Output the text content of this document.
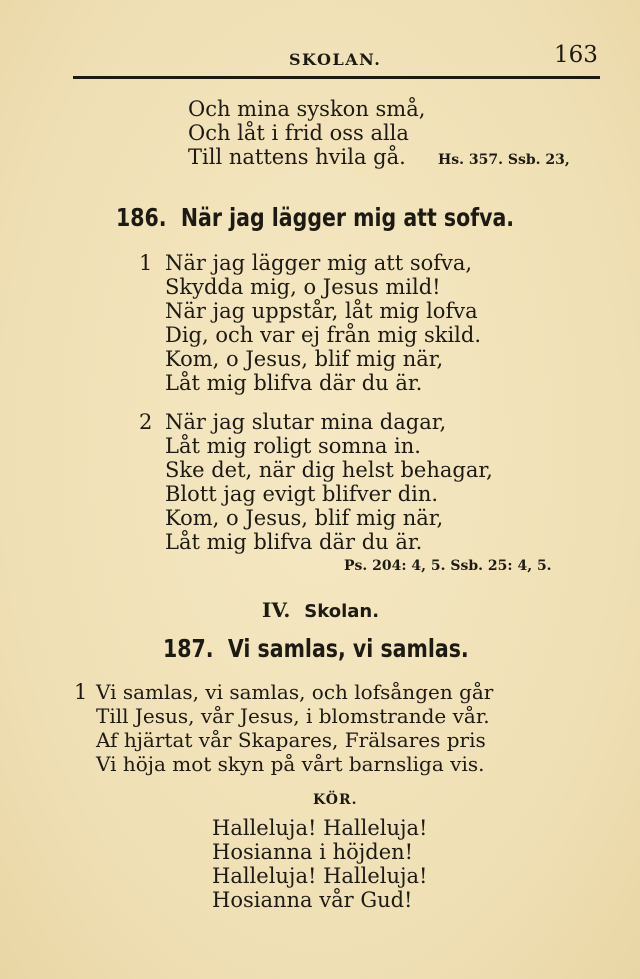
SKOLAN.	163
Och mina syskon små,
Och låt i frid oss alla
Till nattens hvila gå. Hs. 357. Ssb. 23,
186. När jag lägger mig att sofva.
1 När jag lägger mig att sofva,
Skydda mig, o Jesus mild!
När jag uppstår, låt mig lofva
Dig, och var ej från mig skild.
Kom, o Jesus, blif mig när,
Låt mig blifva där du är.
2 När jag slutar mina dagar,
Låt mig roligt somna in.
Ske det, när dig helst behagar,
Blott jag evigt blifver din.
Kom, o Jesus, blif mig när,
Låt mig blifva där du är.
Ps. 204: 4, 5. Ssb. 25: 4, 5.
IV. Skolan.
187. Vi samlas, vi samlas.
1 Vi samlas, vi samlas, och lofsången går
Till Jesus, vår Jesus, i blomstrande vår.
Af hjärtat vår Skapares, Frälsares pris
Vi höja mot skyn på vårt barnsliga vis.
KÖR.
Halleluja! Halleluja!
Hosianna i höjden!
Halleluja! Halleluja!
Hosianna vår Gud!
